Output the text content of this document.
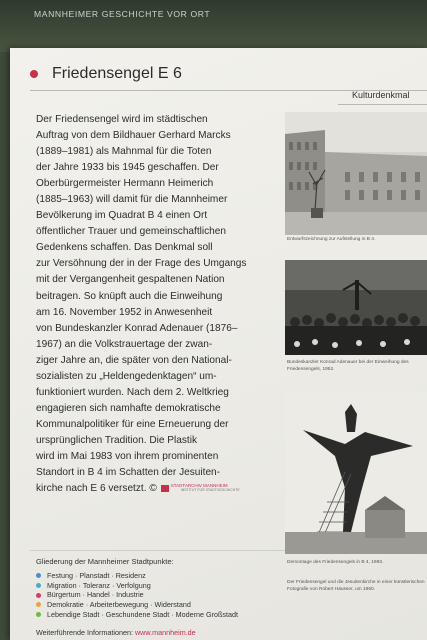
MANNHEIMER GESCHICHTE VOR ORT
Friedensengel E 6
Kulturdenkmal

Der Friedensengel wird im städtischen
Auftrag von dem Bildhauer Gerhard Marcks
(1889–1981) als Mahnmal für die Toten
der Jahre 1933 bis 1945 geschaffen. Der
Oberbürgermeister Hermann Heimerich
(1885–1963) will damit für die Mannheimer
Bevölkerung im Quadrat B 4 einen Ort
öffentlicher Trauer und gemeinschaftlichen
Gedenkens schaffen. Das Denkmal soll
zur Versöhnung der in der Frage des Umgangs
mit der Vergangenheit gespaltenen Nation
beitragen. So knüpft auch die Einweihung
am 16. November 1952 in Anwesenheit
von Bundeskanzler Konrad Adenauer (1876–
1967) an die Volkstrauertage der zwan-
ziger Jahre an, die später von den National-
sozialisten zu „Heldengedenktagen“ um-
funktioniert wurden. Nach dem 2. Weltkrieg
engagieren sich namhafte demokratische
Kommunalpolitiker für eine Erneuerung der
ursprünglichen Tradition. Die Plastik
wird im Mai 1983 von ihrem prominenten
Standort in B 4 im Schatten der Jesuiten-
kirche nach E 6 versetzt. ©	STADTARCHIV MANNHEIM
INSTITUT FÜR STADTGESCHICHTE

Entwurfszeichnung zur Aufstellung in B 4.
Bundeskanzler Konrad Adenauer bei der Einweihung des Friedensengels, 1952.
Demontage des Friedensengels in B 4, 1983.
Der Friedensengel und die Jesuitenkirche in einer künstlerischen Fotografie von Robert Häusser, um 1960.
Gliederung der Mannheimer Stadtpunkte:
Festung · Planstadt · Residenz
Migration · Toleranz · Verfolgung
Bürgertum · Handel · Industrie
Demokratie · Arbeiterbewegung · Widerstand
Lebendige Stadt · Geschundene Stadt · Moderne Großstadt
Weiterführende Informationen: www.mannheim.de
